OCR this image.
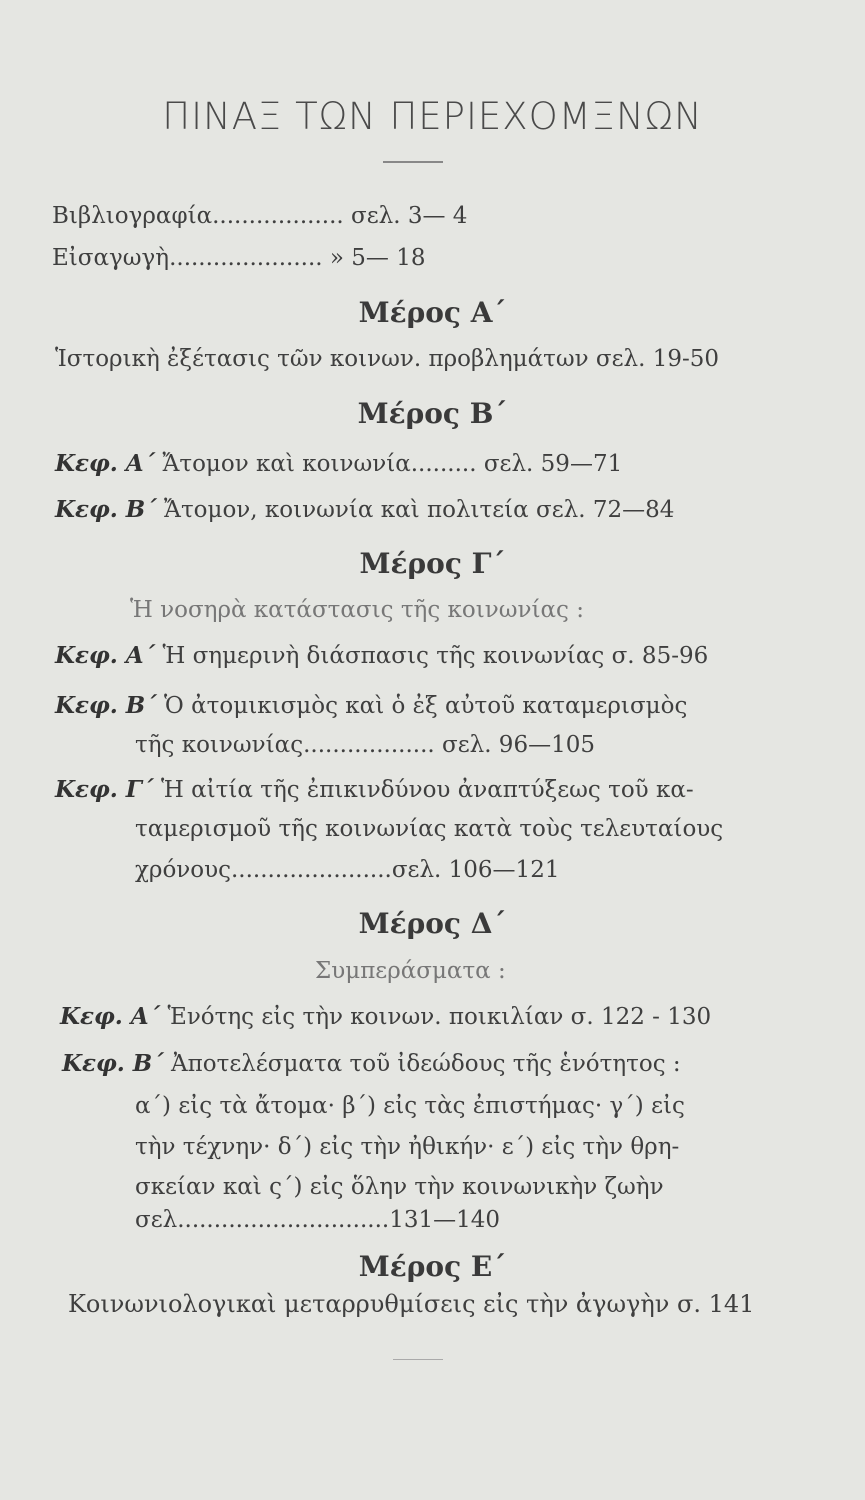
ΠΙΝΑΞ ΤΩΝ ΠΕΡΙΕΧΟΜΞΝΩΝ
Βιβλιογραφία.................. σελ. 3— 4
Εἰσαγωγὴ..................... » 5— 18
Μέρος Α΄
Ἱστορικὴ ἐξέτασις τῶν κοινων. προβλημάτων σελ. 19-50
Μέρος Β΄
Κεφ. Α΄ Ἄτομον καὶ κοινωνία......... σελ. 59—71
Κεφ. Β΄ Ἄτομον, κοινωνία καὶ πολιτεία σελ. 72—84
Μέρος Γ΄
Ἡ νοσηρὰ κατάστασις τῆς κοινωνίας :
Κεφ. Α΄ Ἡ σημερινὴ διάσπασις τῆς κοινωνίας σ. 85-96
Κεφ. Β΄ Ὁ ἀτομικισμὸς καὶ ὁ ἐξ αὐτοῦ καταμερισμὸς
τῆς κοινωνίας.................. σελ. 96—105
Κεφ. Γ΄ Ἡ αἰτία τῆς ἐπικινδύνου ἀναπτύξεως τοῦ κα-
ταμερισμοῦ τῆς κοινωνίας κατὰ τοὺς τελευταίους
χρόνους......................σελ. 106—121
Μέρος Δ΄
Συμπεράσματα :
Κεφ. Α΄ Ἑνότης εἰς τὴν κοινων. ποικιλίαν σ. 122 - 130
Κεφ. Β΄ Ἀποτελέσματα τοῦ ἰδεώδους τῆς ἑνότητος :
α΄) εἰς τὰ ἄτομα· β΄) εἰς τὰς ἐπιστήμας· γ΄) εἰς
τὴν τέχνην· δ΄) εἰς τὴν ἠθικήν· ε΄) εἰς τὴν θρη-
σκείαν καὶ ς΄) εἰς ὅλην τὴν κοινωνικὴν ζωὴν
σελ.............................131—140
Μέρος Ε΄
Κοινωνιολογικαὶ μεταρρυθμίσεις εἰς τὴν ἀγωγὴν σ. 141
